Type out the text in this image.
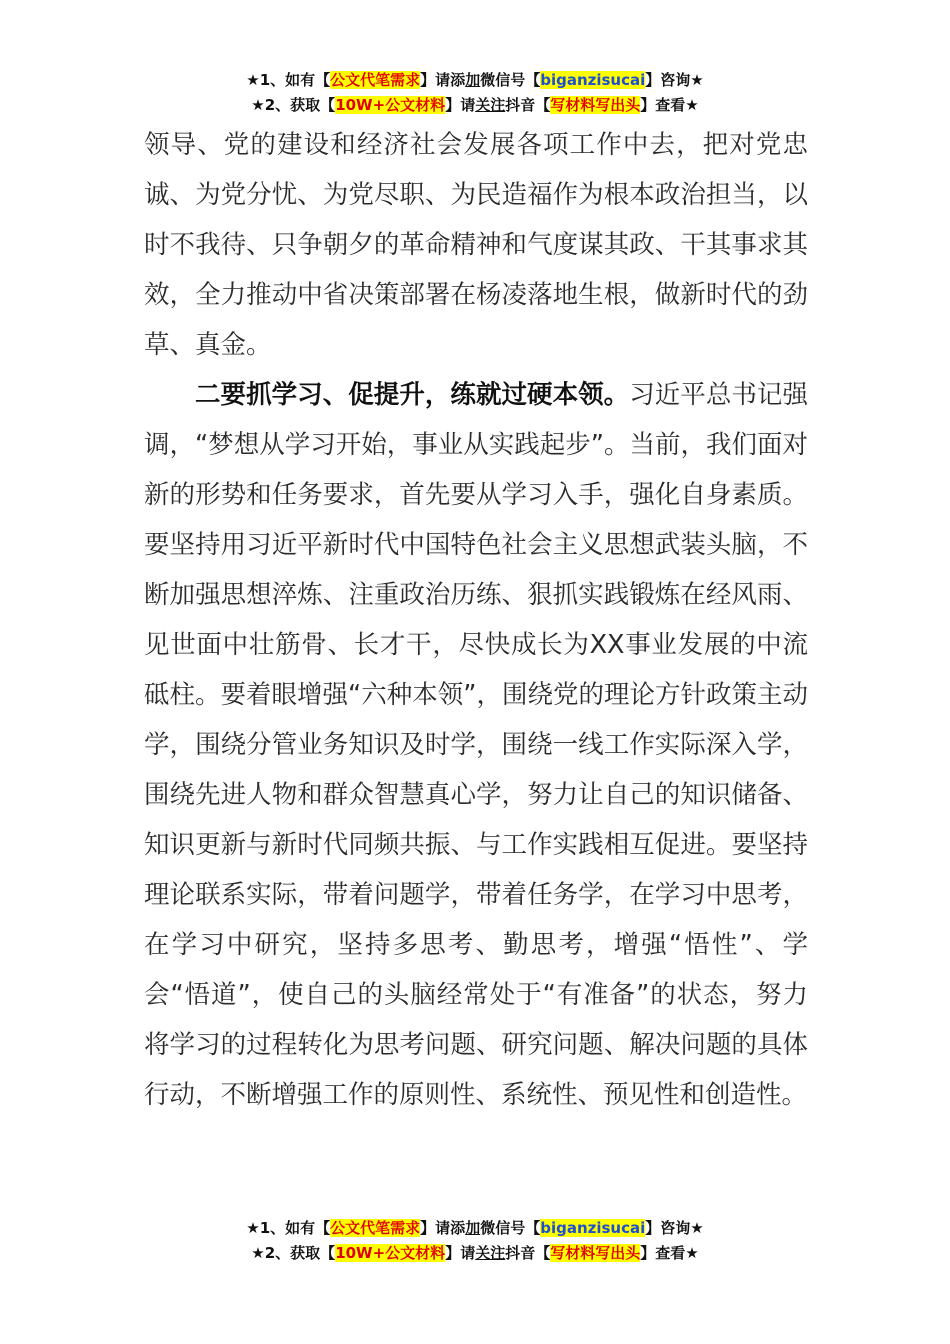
★1、如有【公文代笔需求】请添加微信号【biganzisucai】咨询★
★2、获取【10W+公文材料】请关注抖音【写材料写出头】查看★

领导、党的建设和经济社会发展各项工作中去，把对党忠诚、为党分忧、为党尽职、为民造福作为根本政治担当，以时不我待、只争朝夕的革命精神和气度谋其政、干其事求其效，全力推动中省决策部署在杨凌落地生根，做新时代的劲草、真金。

二要抓学习、促提升，练就过硬本领。习近平总书记强调，“梦想从学习开始，事业从实践起步”。当前，我们面对新的形势和任务要求，首先要从学习入手，强化自身素质。要坚持用习近平新时代中国特色社会主义思想武装头脑，不断加强思想淬炼、注重政治历练、狠抓实践锻炼在经风雨、见世面中壮筋骨、长才干，尽快成长为XX事业发展的中流砥柱。要着眼增强“六种本领”，围绕党的理论方针政策主动学，围绕分管业务知识及时学，围绕一线工作实际深入学，围绕先进人物和群众智慧真心学，努力让自己的知识储备、知识更新与新时代同频共振、与工作实践相互促进。要坚持理论联系实际，带着问题学，带着任务学，在学习中思考，在学习中研究，坚持多思考、勤思考，增强“悟性”、学会“悟道”，使自己的头脑经常处于“有准备”的状态，努力将学习的过程转化为思考问题、研究问题、解决问题的具体行动，不断增强工作的原则性、系统性、预见性和创造性。

★1、如有【公文代笔需求】请添加微信号【biganzisucai】咨询★
★2、获取【10W+公文材料】请关注抖音【写材料写出头】查看★
